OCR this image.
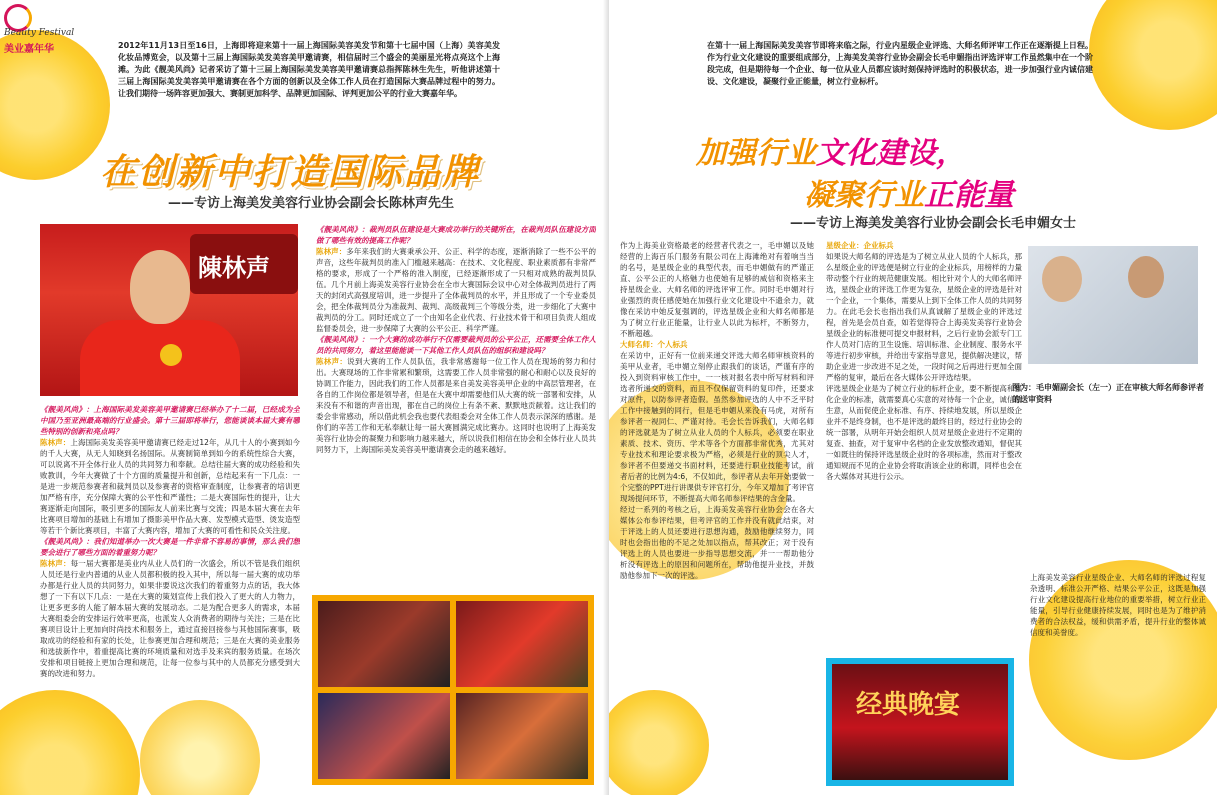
Beauty Festival
美业嘉年华	2012年11月13日至16日，上海即将迎来第十一届上海国际美容美发节和第十七届中国（上海）美容美发化妆品博览会，以及第十三届上海国际美发美容美甲邀请赛，相信届时三个盛会的美丽星光将点亮这个上海滩。为此《靓美风尚》记者采访了第十三届上海国际美发美容美甲邀请赛总指挥陈林生先生，听他讲述第十三届上海国际美发美容美甲邀请赛在各个方面的创新以及全体工作人员在打造国际大赛品牌过程中的努力。让我们期待一场阵容更加强大、赛制更加科学、品牌更加国际、评判更加公平的行业大赛嘉年华。
在创新中打造国际品牌
——专访上海美发美容行业协会副会长陈林声先生
陳林声
《靓美风尚》：上海国际美发美容美甲邀请赛已经举办了十二届，已经成为全中国乃至亚洲最高端的行业盛会。第十三届即将举行，您能谈谈本届大赛有哪些特别的创新和亮点吗？
陈林声：上海国际美发美容美甲邀请赛已经走过12年，从几十人的小赛到如今的千人大赛，从无人知晓到名扬国际。从赛制简单到如今的系统性综合大赛，可以说离不开全体行业人员的共同努力和奉献。总结往届大赛的成功经验和失败教训，今年大赛做了十个方面的质量提升和创新，总结起来有一下几点：一是进一步规范参赛者和裁判员以及参赛者的资格审查制度，让参赛者的培训更加严格有序，充分保障大赛的公平性和严谨性；二是大赛国际性的提升，让大赛逐渐走向国际，吸引更多的国际友人前来比赛与交流；四是本届大赛在去年比赛项目增加的基础上有增加了摄影美甲作品大赛、发型模式造型、烫发造型等若干个新比赛项目，丰富了大赛内容，增加了大赛的可看性和民众关注度。
《靓美风尚》：我们知道举办一次大赛是一件非常不容易的事情，那么我们想要会进行了哪些方面的着重努力呢？
陈林声：每一届大赛都是美业内从业人员们的一次盛会，所以不管是我们组织人员还是行业内普通的从业人员都积极的投入其中，所以每一届大赛的成功举办都是行业人员的共同努力，如果非要说这次我们的着重努力点的话，我大体想了一下有以下几点：一是在大赛的策划宣传上我们投入了更大的人力物力，让更多更多的人能了解本届大赛的发展动态。二是为配合更多人的需求，本届大赛组委会的安排运行效率更高，也派发人众消费者的期待与关注；三是在比赛项目设计上更加向时尚技术和服务上，通过直接回接参与其他国际赛事，吸取成功的经验和有家的长处，让参赛更加合理和规范；三是在大赛的美业服务和选拔新作中，着重提高比赛的环境质量和对选手及来宾的服务质量。在场次安排和项目链接上更加合理和规范，让每一位参与其中的人员都充分感受到大赛的改进和努力。
《靓美风尚》：裁判员队伍建设是大赛成功举行的关键所在，在裁判员队伍建设方面做了哪些有效的提高工作呢？
陈林声：多年来我们的大赛秉承公开、公正、科学的态度，逐渐消除了一些不公平的声音，这些年裁判员的准入门槛越来越高：在技术、文化程度、职业素质都有非常严格的要求，形成了一个严格的准入制度，已经逐渐形成了一只相对成熟的裁判员队伍。几个月前上海美发美容行业协会在全市大赛国际会议中心对全体裁判员进行了两天的封闭式高强度培训，进一步提升了全体裁判员的水平，并且形成了一个专业委员会，把全体裁判员分为准裁判、裁判、高级裁判三个等级分类，进一步细化了大赛中裁判员的分工。同时还成立了一个由知名企业代表、行业技术骨干和项目负责人组成监督委员会，进一步保障了大赛的公平公正、科学严谨。
《靓美风尚》：一个大赛的成功举行不仅需要裁判员的公平公正，还需要全体工作人员的共同努力，着这里能能谈一下其他工作人员队伍的组织和建设吗？
陈林声：说到大赛的工作人员队伍，我非常感谢每一位工作人员在现场的努力和付出。大赛现场的工作非常累和繁琐，这需要工作人员非常强的耐心和耐心以及良好的协调工作能力，因此我们的工作人员都是来自美发美容美甲企业的中高层管理者，在各自的工作岗位都是领导者，但是在大赛中却需要他们从大赛的统一部署和安排，从来没有不和谐的声音出现，都在自己的岗位上有条不紊、默默地贡献着。这让我们的委会非常感动，所以借此机会我也要代表组委会对全体工作人员表示深深的感谢。是你们的辛苦工作和无私奉献让每一届大赛圆满完成比赛办。这同时也说明了上海美发美容行业协会的凝聚力和影响力越来越大，所以说我们相信在协会和全体行业人员共同努力下，上海国际美发美容美甲邀请赛会走的越来越好。
在第十一届上海国际美发美容节即将来临之际，行业内星级企业评选、大师名师评审工作正在逐渐提上日程。作为行业文化建设的重要组成部分，上海美发美容行业协会副会长毛申媚指出评选评审工作虽然集中在一个阶段完成，但是期待每一个企业、每一位从业人员都应该时刻保持评选时的积极状态，进一步加强行业内诚信建设、文化建设，凝聚行业正能量，树立行业标杆。
加强行业文化建设，
凝聚行业正能量
——专访上海美发美容行业协会副会长毛申媚女士
作为上海美业资格最老的经营者代表之一，毛申媚以及她经营的上海百乐门服务有限公司在上海滩绝对有着响当当的名号，是星级企业的典型代表，而毛申媚做有的严谨正直、公平公正的人格魅力也使她有足够的威信和资格来主持星级企业、大师名师的评选评审工作。同时毛申媚对行业强烈的责任感使她在加强行业文化建设中不遗余力，就像在采访中她反复强调的，评选星级企业和大师名师都是为了树立行业正能量，让行业人以此为标杆，不断努力，不断超越。
大师名师：个人标兵
在采访中，正好有一位前来递交评选大师名师审核资料的美甲从业者，毛申媚立刻停止跟我们的谈话，严谨有序的投入到资料审核工作中，一一核对报名表中所写材料和评选者所递交的资料，而且不仅保留资料的复印件，还要求对原件，以防参评者造假。虽然参加评选的人中不乏平时工作中接触到的同行，但是毛申媚从来没有马虎，对所有参评者一视同仁、严谨对待。毛会长告诉我们，大师名师的评选就是为了树立从业人员的个人标兵，必须要在职业素质、技术、资历、学术等各个方面都非常优秀，尤其对专业技术和理论要求极为严格，必须是行业的顶尖人才，参评者不但要递交书面材料，还要进行职业技能考试，前者后者的比例为4:6，不仅如此，参评者从去年开始要做一个完整的PPT进行讲课供专评官打分，今年又增加了考评官现场提问环节，不断提高大师名师参评结果的含金量。
经过一系列的考核之后，上海美发美容行业协会会在各大媒体公布参评结果，但考评官的工作并没有就此结束，对于评选上的人员还要进行思想沟通，鼓励他继续努力，同时也会指出他的不足之处加以指点，帮其改正；对于没有评选上的人员也要进一步指导思想交流，并一一帮助他分析没有评选上的原因和问题所在，帮助他提升业技，并鼓励他参加下一次的评选。
星级企业：企业标兵
如果说大师名师的评选是为了树立从业人员的个人标兵，那么星级企业的评选便是树立行业的企业标兵，用榜样的力量带动整个行业的规范健康发展。相比针对个人的大师名师评选，星级企业的评选工作更为复杂，星级企业的评选是针对一个企业，一个集体，需要从上到下全体工作人员的共同努力。在此毛会长也指出我们从真诚解了星级企业的评选过程，首先是会员自查，如若觉得符合上海美发美容行业协会星级企业的标准便可提交申报材料，之后行业协会派专门工作人员对门店的卫生设施、培训标准、企业制度、服务水平等进行初步审核，并给出专家指导意见，提供解决建议，帮助企业进一步改进不足之处，一段时间之后再进行更加全面严格的复审，最后在各大媒体公开评选结果。
评选星级企业是为了树立行业的标杆企业，要不断提高和强化企业的标准，就需要真心实意的对待每一个企业，诚信做生意，从而促使企业标准、有序、持续地发展，所以星级企业并不是终身制，也不是评选的最终目的，经过行业协会的统一部署，从明年开始会组织人员对星级企业进行不定期的复查、抽查，对于复审中名档的企业发放整改通知，督促其一如既往的保持评选星级企业时的各项标准，然而对于整改通知规而不见的企业协会将取消该企业的称谓，同样也会在各大媒体对其进行公示。
图为：毛申媚副会长（左一）正在审核大师名师参评者的送审资料
上海美发美容行业星级企业、大师名师的评选过程复杂透明、标准公开严格、结果公平公正，这既是加强行业文化建设提高行业地位的重要举措，树立行业正能量，引导行业健康持续发展，同时也是为了维护消费者的合法权益，缓和供需矛盾，提升行业的整体诚信度和美誉度。
经典晚宴
